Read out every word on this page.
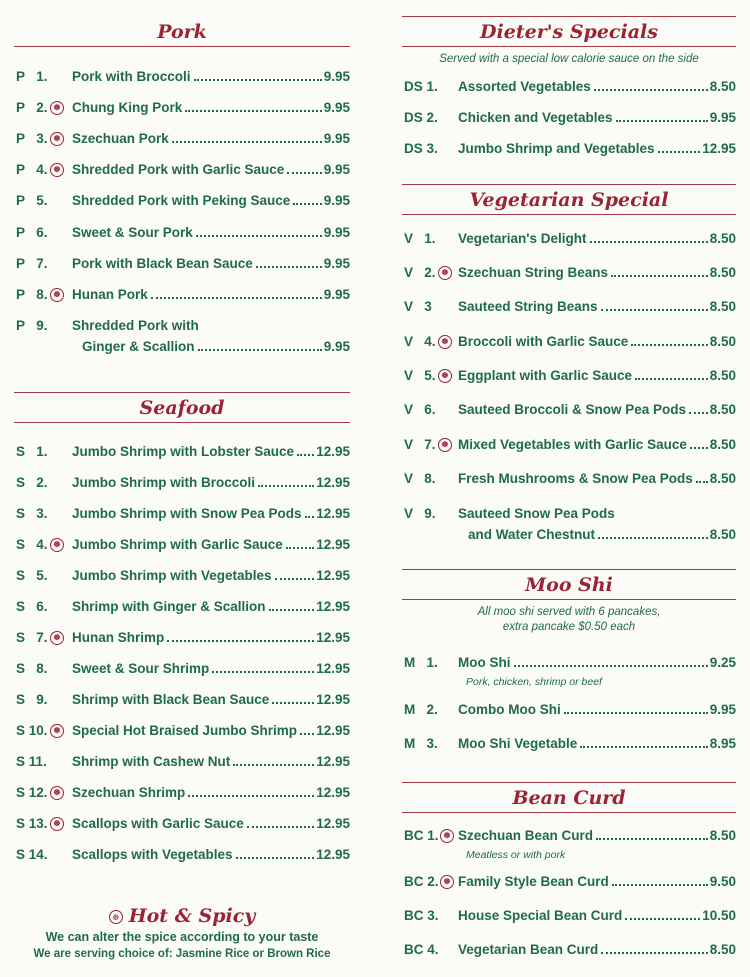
Pork
P   1. Pork with Broccoli	9.95
P   2. ☸ Chung King Pork	9.95
P   3. ☸ Szechuan Pork	9.95
P   4. ☸ Shredded Pork with Garlic Sauce	9.95
P   5. Shredded Pork with Peking Sauce 9.95
P   6. Sweet & Sour Pork	9.95
P   7. Pork with Black Bean Sauce	9.95
P   8. ☸ Hunan Pork	9.95
P   9. Shredded Pork with
Ginger & Scallion	9.95
Seafood
S   1. Jumbo Shrimp with Lobster Sauce 12.95
S   2. Jumbo Shrimp with Broccoli	12.95
S   3. Jumbo Shrimp with Snow Pea Pods 12.95
S   4. ☸ Jumbo Shrimp with Garlic Sauce 12.95
S   5. Jumbo Shrimp with Vegetables	12.95
S   6. Shrimp with Ginger & Scallion	12.95
S   7. ☸ Hunan Shrimp	12.95
S   8. Sweet & Sour Shrimp	12.95
S   9. Shrimp with Black Bean Sauce	12.95
S 10. ☸ Special Hot Braised Jumbo Shrimp 12.95
S 11. Shrimp with Cashew Nut	12.95
S 12. ☸ Szechuan Shrimp	12.95
S 13. ☸ Scallops with Garlic Sauce	12.95
S 14. Scallops with Vegetables	12.95
☸ Hot & Spicy
We can alter the spice according to your taste
We are serving choice of: Jasmine Rice or Brown Rice
Dieter's Specials
Served with a special low calorie sauce on the side
DS 1. Assorted Vegetables	8.50
DS 2. Chicken and Vegetables	9.95
DS 3. Jumbo Shrimp and Vegetables	12.95
Vegetarian Special
V   1. Vegetarian's Delight	8.50
V   2. ☸ Szechuan String Beans	8.50
V   3 Sauteed String Beans	8.50
V   4. ☸ Broccoli with Garlic Sauce	8.50
V   5. ☸ Eggplant with Garlic Sauce	8.50
V   6. Sauteed Broccoli & Snow Pea Pods 8.50
V   7. ☸ Mixed Vegetables with Garlic Sauce 8.50
V   8. Fresh Mushrooms & Snow Pea Pods 8.50
V   9. Sauteed Snow Pea Pods
and Water Chestnut	8.50
Moo Shi
All moo shi served with 6 pancakes,
extra pancake $0.50 each
M   1. Moo Shi	9.25
Pork, chicken, shrimp or beef
M   2. Combo Moo Shi	9.95
M   3. Moo Shi Vegetable	8.95
Bean Curd
BC 1. ☸ Szechuan Bean Curd	8.50
Meatless or with pork
BC 2. ☸ Family Style Bean Curd	9.50
BC 3. House Special Bean Curd	10.50
BC 4. Vegetarian Bean Curd	8.50
